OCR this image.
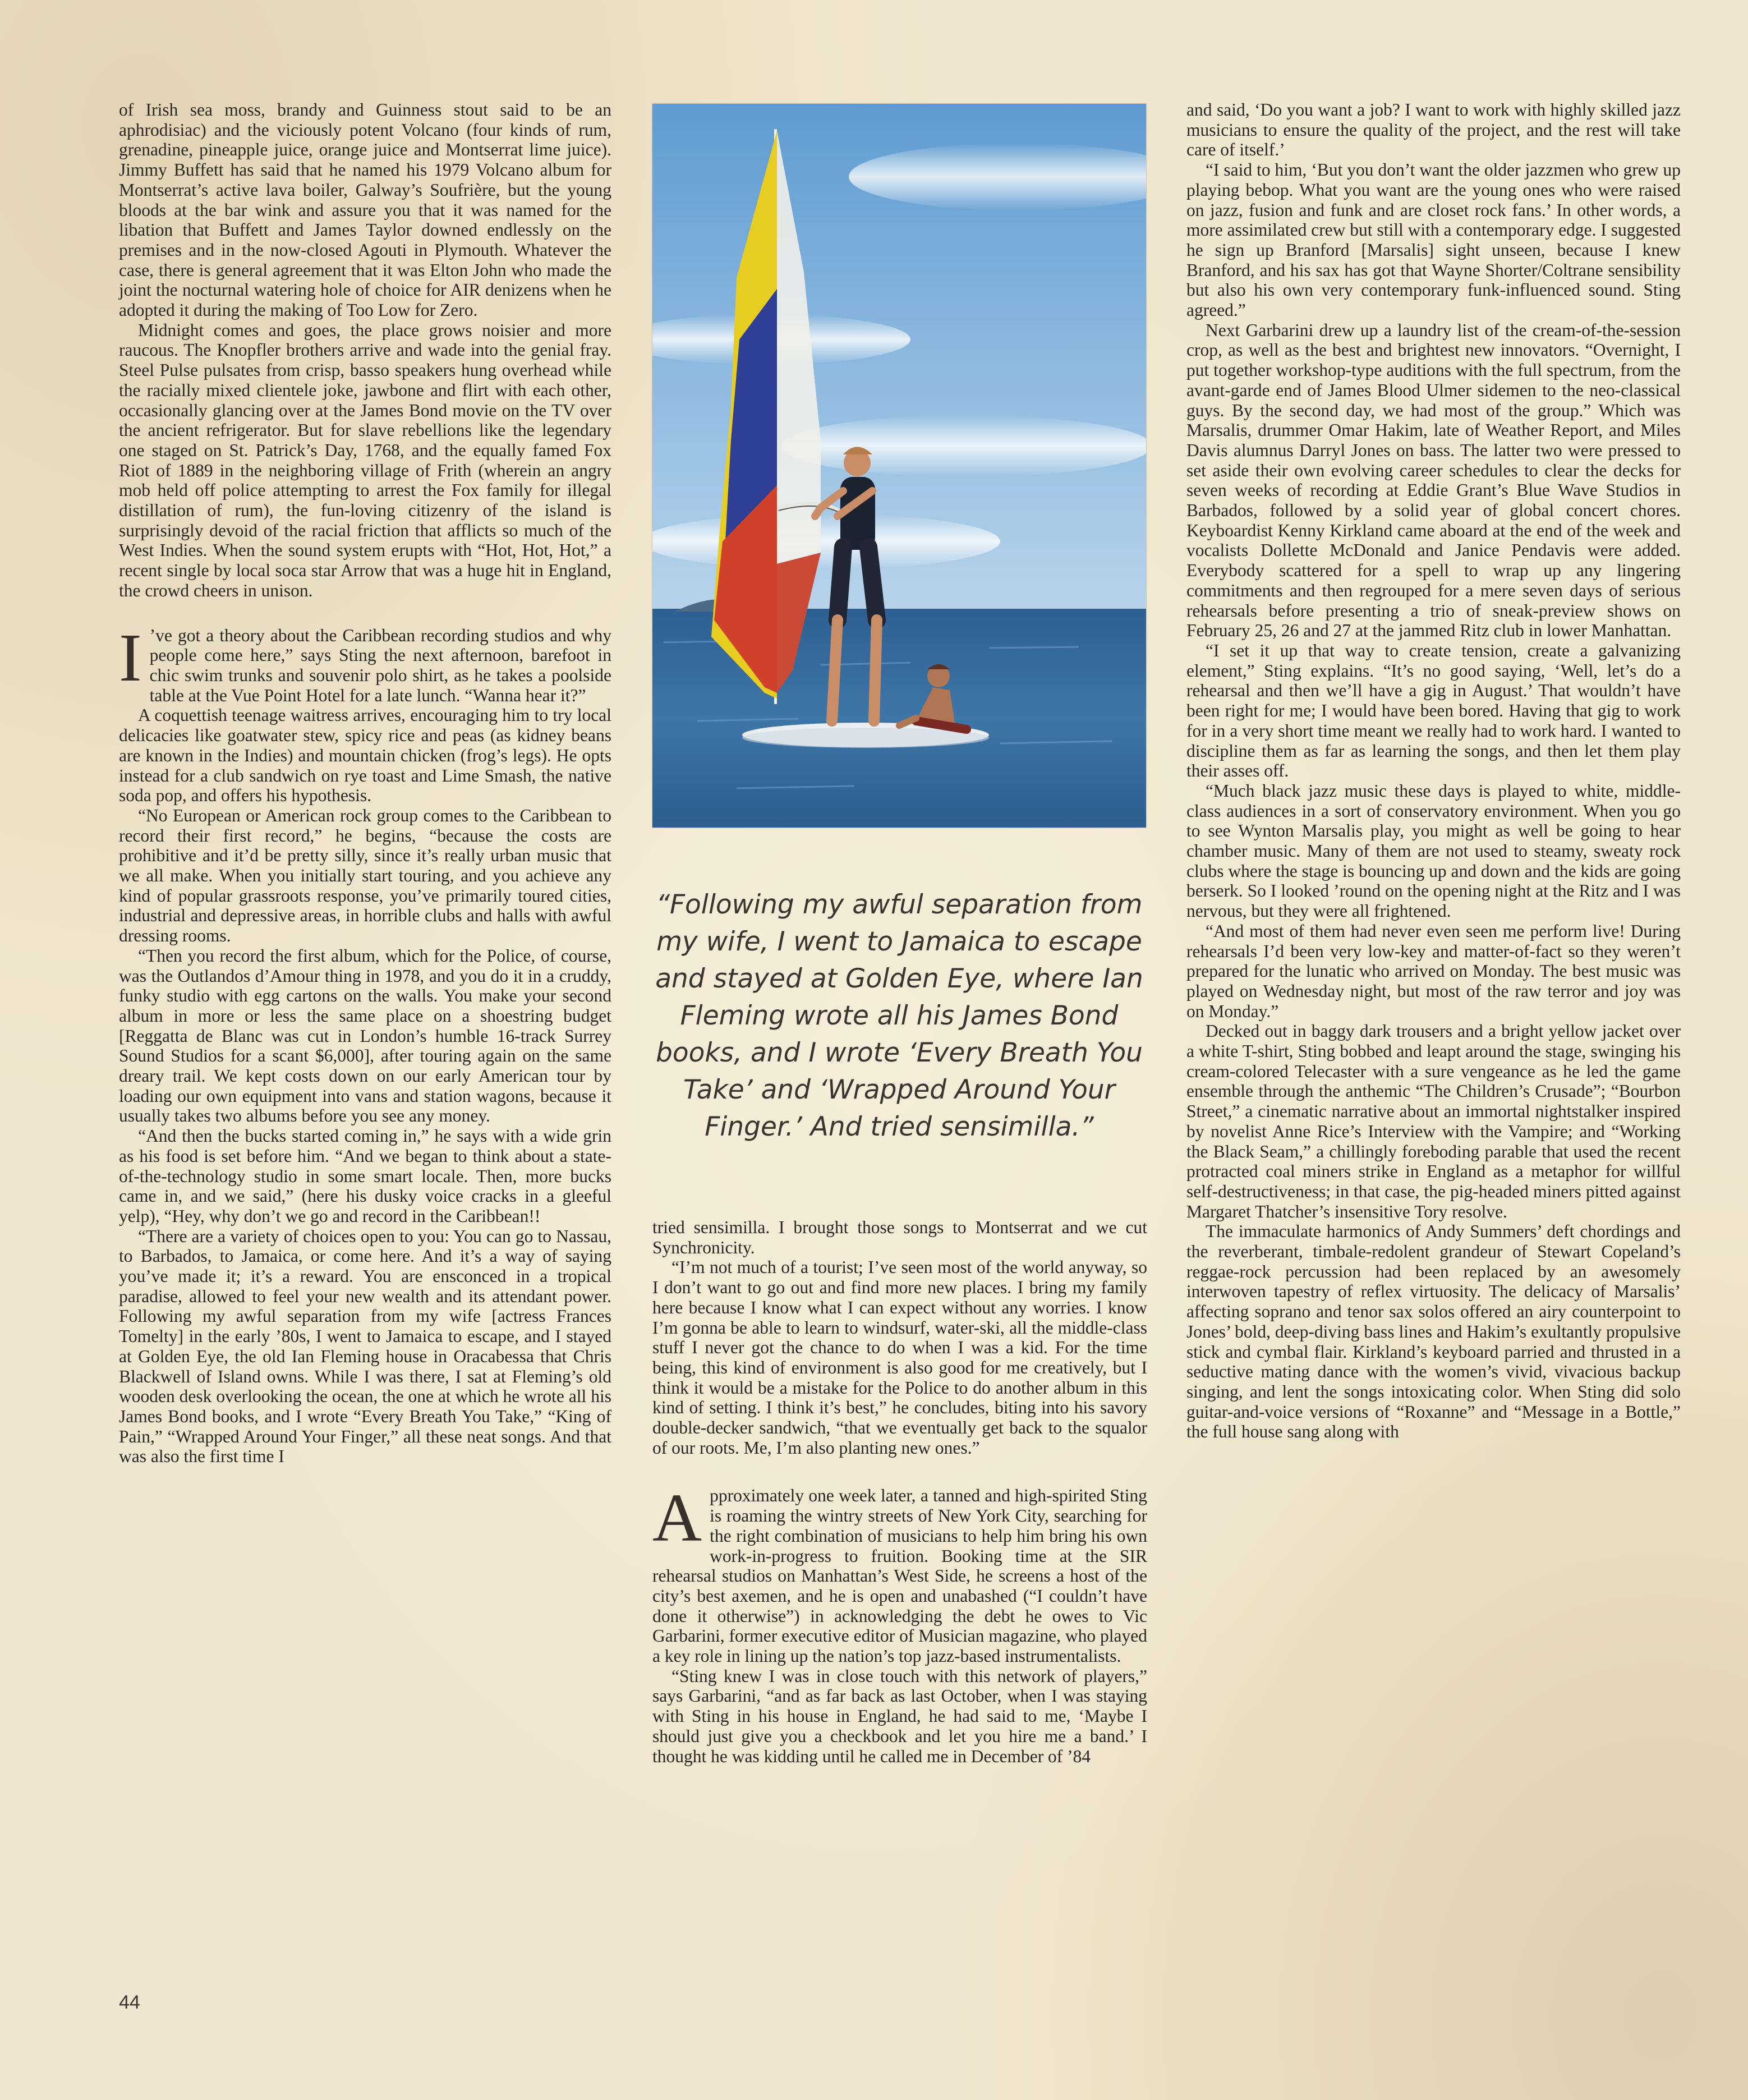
of Irish sea moss, brandy and Guinness stout said to be an aphrodisiac) and the viciously potent Volcano (four kinds of rum, grenadine, pineapple juice, orange juice and Montserrat lime juice). Jimmy Buffett has said that he named his 1979 Volcano album for Montserrat’s active lava boiler, Galway’s Soufrière, but the young bloods at the bar wink and assure you that it was named for the libation that Buffett and James Taylor downed endlessly on the premises and in the now-closed Agouti in Plymouth. Whatever the case, there is general agreement that it was Elton John who made the joint the nocturnal watering hole of choice for AIR denizens when he adopted it during the making of Too Low for Zero.

Midnight comes and goes, the place grows noisier and more raucous. The Knopfler brothers arrive and wade into the genial fray. Steel Pulse pulsates from crisp, basso speakers hung overhead while the racially mixed clientele joke, jawbone and flirt with each other, occasionally glancing over at the James Bond movie on the TV over the ancient refrigerator. But for slave rebellions like the legendary one staged on St. Patrick’s Day, 1768, and the equally famed Fox Riot of 1889 in the neighboring village of Frith (wherein an angry mob held off police attempting to arrest the Fox family for illegal distillation of rum), the fun-loving citizenry of the island is surprisingly devoid of the racial friction that afflicts so much of the West Indies. When the sound system erupts with “Hot, Hot, Hot,” a recent single by local soca star Arrow that was a huge hit in England, the crowd cheers in unison.

I ’ve got a theory about the Caribbean recording studios and why people come here,” says Sting the next afternoon, barefoot in chic swim trunks and souvenir polo shirt, as he takes a poolside table at the Vue Point Hotel for a late lunch. “Wanna hear it?”

A coquettish teenage waitress arrives, encouraging him to try local delicacies like goatwater stew, spicy rice and peas (as kidney beans are known in the Indies) and mountain chicken (frog’s legs). He opts instead for a club sandwich on rye toast and Lime Smash, the native soda pop, and offers his hypothesis.

“No European or American rock group comes to the Caribbean to record their first record,” he begins, “because the costs are prohibitive and it’d be pretty silly, since it’s really urban music that we all make. When you initially start touring, and you achieve any kind of popular grassroots response, you’ve primarily toured cities, industrial and depressive areas, in horrible clubs and halls with awful dressing rooms.

“Then you record the first album, which for the Police, of course, was the Outlandos d’Amour thing in 1978, and you do it in a cruddy, funky studio with egg cartons on the walls. You make your second album in more or less the same place on a shoestring budget [Reggatta de Blanc was cut in London’s humble 16-track Surrey Sound Studios for a scant $6,000], after touring again on the same dreary trail. We kept costs down on our early American tour by loading our own equipment into vans and station wagons, because it usually takes two albums before you see any money.

“And then the bucks started coming in,” he says with a wide grin as his food is set before him. “And we began to think about a state-of-the-technology studio in some smart locale. Then, more bucks came in, and we said,” (here his dusky voice cracks in a gleeful yelp), “Hey, why don’t we go and record in the Caribbean!!

“There are a variety of choices open to you: You can go to Nassau, to Barbados, to Jamaica, or come here. And it’s a way of saying you’ve made it; it’s a reward. You are ensconced in a tropical paradise, allowed to feel your new wealth and its attendant power. Following my awful separation from my wife [actress Frances Tomelty] in the early ’80s, I went to Jamaica to escape, and I stayed at Golden Eye, the old Ian Fleming house in Oracabessa that Chris Blackwell of Island owns. While I was there, I sat at Fleming’s old wooden desk overlooking the ocean, the one at which he wrote all his James Bond books, and I wrote “Every Breath You Take,” “King of Pain,” “Wrapped Around Your Finger,” all these neat songs. And that was also the first time I

“Following my awful separation from my wife, I went to Jamaica to escape and stayed at Golden Eye, where Ian Fleming wrote all his James Bond books, and I wrote ‘Every Breath You Take’ and ‘Wrapped Around Your Finger.’ And tried sensimilla.”

tried sensimilla. I brought those songs to Montserrat and we cut Synchronicity.

“I’m not much of a tourist; I’ve seen most of the world anyway, so I don’t want to go out and find more new places. I bring my family here because I know what I can expect without any worries. I know I’m gonna be able to learn to windsurf, water-ski, all the middle-class stuff I never got the chance to do when I was a kid. For the time being, this kind of environment is also good for me creatively, but I think it would be a mistake for the Police to do another album in this kind of setting. I think it’s best,” he concludes, biting into his savory double-decker sandwich, “that we eventually get back to the squalor of our roots. Me, I’m also planting new ones.”

Approximately one week later, a tanned and high-spirited Sting is roaming the wintry streets of New York City, searching for the right combination of musicians to help him bring his own work-in-progress to fruition. Booking time at the SIR rehearsal studios on Manhattan’s West Side, he screens a host of the city’s best axemen, and he is open and unabashed (“I couldn’t have done it otherwise”) in acknowledging the debt he owes to Vic Garbarini, former executive editor of Musician magazine, who played a key role in lining up the nation’s top jazz-based instrumentalists.

“Sting knew I was in close touch with this network of players,” says Garbarini, “and as far back as last October, when I was staying with Sting in his house in England, he had said to me, ‘Maybe I should just give you a checkbook and let you hire me a band.’ I thought he was kidding until he called me in December of ’84

and said, ‘Do you want a job? I want to work with highly skilled jazz musicians to ensure the quality of the project, and the rest will take care of itself.’

“I said to him, ‘But you don’t want the older jazzmen who grew up playing bebop. What you want are the young ones who were raised on jazz, fusion and funk and are closet rock fans.’ In other words, a more assimilated crew but still with a contemporary edge. I suggested he sign up Branford [Marsalis] sight unseen, because I knew Branford, and his sax has got that Wayne Shorter/Coltrane sensibility but also his own very contemporary funk-influenced sound. Sting agreed.”

Next Garbarini drew up a laundry list of the cream-of-the-session crop, as well as the best and brightest new innovators. “Overnight, I put together workshop-type auditions with the full spectrum, from the avant-garde end of James Blood Ulmer sidemen to the neo-classical guys. By the second day, we had most of the group.” Which was Marsalis, drummer Omar Hakim, late of Weather Report, and Miles Davis alumnus Darryl Jones on bass. The latter two were pressed to set aside their own evolving career schedules to clear the decks for seven weeks of recording at Eddie Grant’s Blue Wave Studios in Barbados, followed by a solid year of global concert chores. Keyboardist Kenny Kirkland came aboard at the end of the week and vocalists Dollette McDonald and Janice Pendavis were added. Everybody scattered for a spell to wrap up any lingering commitments and then regrouped for a mere seven days of serious rehearsals before presenting a trio of sneak-preview shows on February 25, 26 and 27 at the jammed Ritz club in lower Manhattan.

“I set it up that way to create tension, create a galvanizing element,” Sting explains. “It’s no good saying, ‘Well, let’s do a rehearsal and then we’ll have a gig in August.’ That wouldn’t have been right for me; I would have been bored. Having that gig to work for in a very short time meant we really had to work hard. I wanted to discipline them as far as learning the songs, and then let them play their asses off.

“Much black jazz music these days is played to white, middle-class audiences in a sort of conservatory environment. When you go to see Wynton Marsalis play, you might as well be going to hear chamber music. Many of them are not used to steamy, sweaty rock clubs where the stage is bouncing up and down and the kids are going berserk. So I looked ’round on the opening night at the Ritz and I was nervous, but they were all frightened.

“And most of them had never even seen me perform live! During rehearsals I’d been very low-key and matter-of-fact so they weren’t prepared for the lunatic who arrived on Monday. The best music was played on Wednesday night, but most of the raw terror and joy was on Monday.”

Decked out in baggy dark trousers and a bright yellow jacket over a white T-shirt, Sting bobbed and leapt around the stage, swinging his cream-colored Telecaster with a sure vengeance as he led the game ensemble through the anthemic “The Children’s Crusade”; “Bourbon Street,” a cinematic narrative about an immortal nightstalker inspired by novelist Anne Rice’s Interview with the Vampire; and “Working the Black Seam,” a chillingly foreboding parable that used the recent protracted coal miners strike in England as a metaphor for willful self-destructiveness; in that case, the pig-headed miners pitted against Margaret Thatcher’s insensitive Tory resolve.

The immaculate harmonics of Andy Summers’ deft chordings and the reverberant, timbale-redolent grandeur of Stewart Copeland’s reggae-rock percussion had been replaced by an awesomely interwoven tapestry of reflex virtuosity. The delicacy of Marsalis’ affecting soprano and tenor sax solos offered an airy counterpoint to Jones’ bold, deep-diving bass lines and Hakim’s exultantly propulsive stick and cymbal flair. Kirkland’s keyboard parried and thrusted in a seductive mating dance with the women’s vivid, vivacious backup singing, and lent the songs intoxicating color. When Sting did solo guitar-and-voice versions of “Roxanne” and “Message in a Bottle,” the full house sang along with

44
